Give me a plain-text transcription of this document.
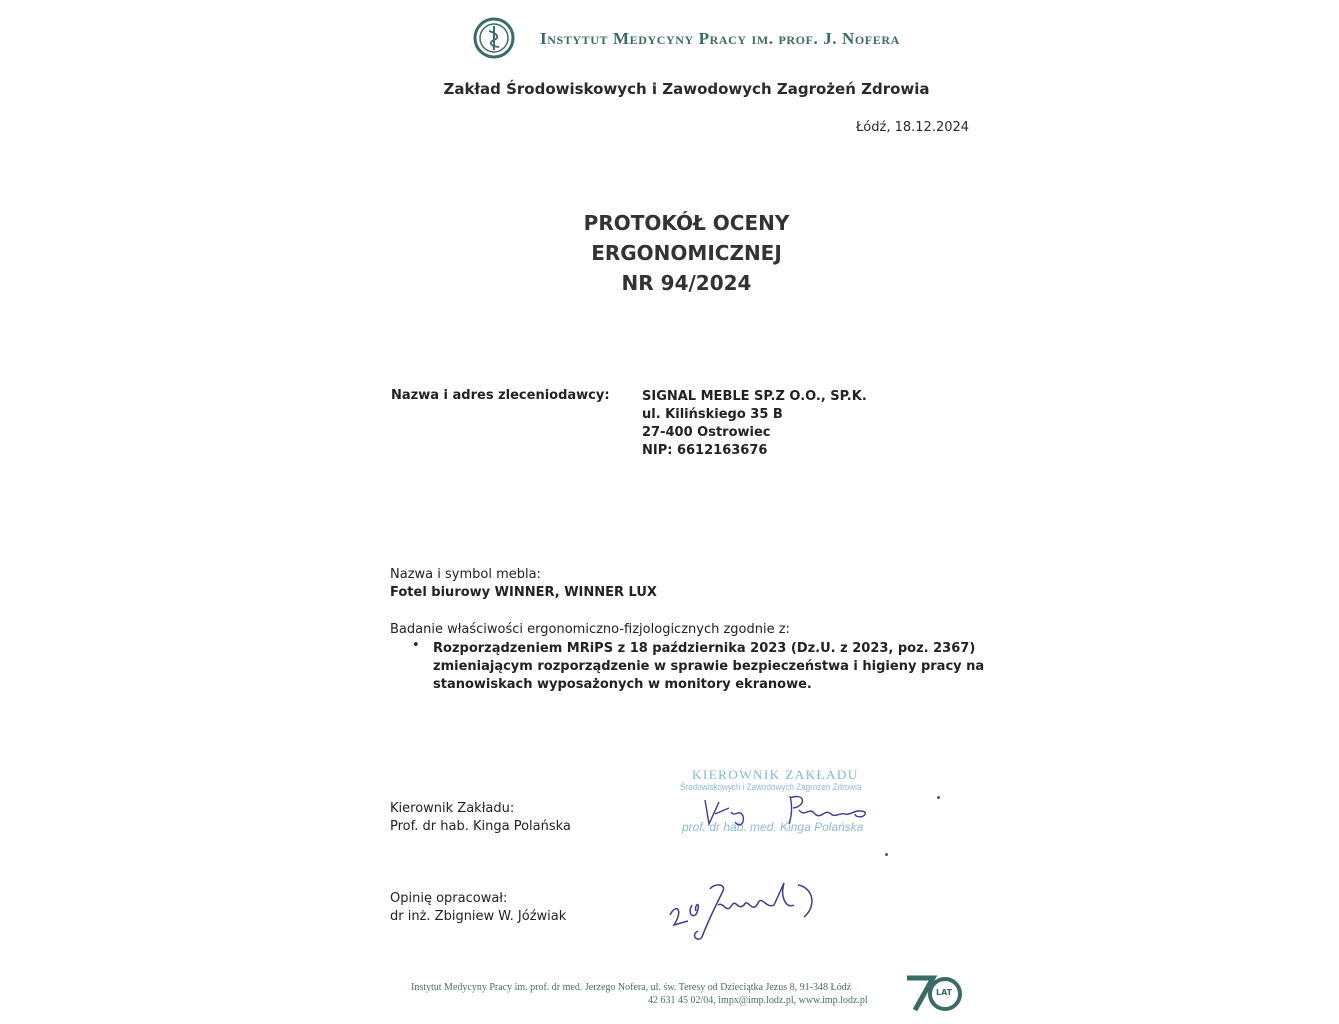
Instytut Medycyny Pracy im. prof. J. Nofera
Zakład Środowiskowych i Zawodowych Zagrożeń Zdrowia
Łódź, 18.12.2024
PROTOKÓŁ OCENY
ERGONOMICZNEJ
NR 94/2024
Nazwa i adres zleceniodawcy: SIGNAL MEBLE SP.Z O.O., SP.K.
ul. Kilińskiego 35 B
27-400 Ostrowiec
NIP: 6612163676
Nazwa i symbol mebla:
Fotel biurowy WINNER, WINNER LUX
Badanie właściwości ergonomiczno-fizjologicznych zgodnie z:
• Rozporządzeniem MRiPS z 18 października 2023 (Dz.U. z 2023, poz. 2367) zmieniającym rozporządzenie w sprawie bezpieczeństwa i higieny pracy na stanowiskach wyposażonych w monitory ekranowe.
Kierownik Zakładu:
Prof. dr hab. Kinga Polańska
KIEROWNIK ZAKŁADU
Środowiskowych i Zawodowych Zagrożeń Zdrowia
prof. dr hab. med. Kinga Polańska
Opinię opracował:
dr inż. Zbigniew W. Jóźwiak
Instytut Medycyny Pracy im. prof. dr med. Jerzego Nofera, ul. św. Teresy od Dzieciątka Jezus 8, 91-348 Łódź
42 631 45 02/04, impx@imp.lodz.pl, www.imp.lodz.pl
LAT
